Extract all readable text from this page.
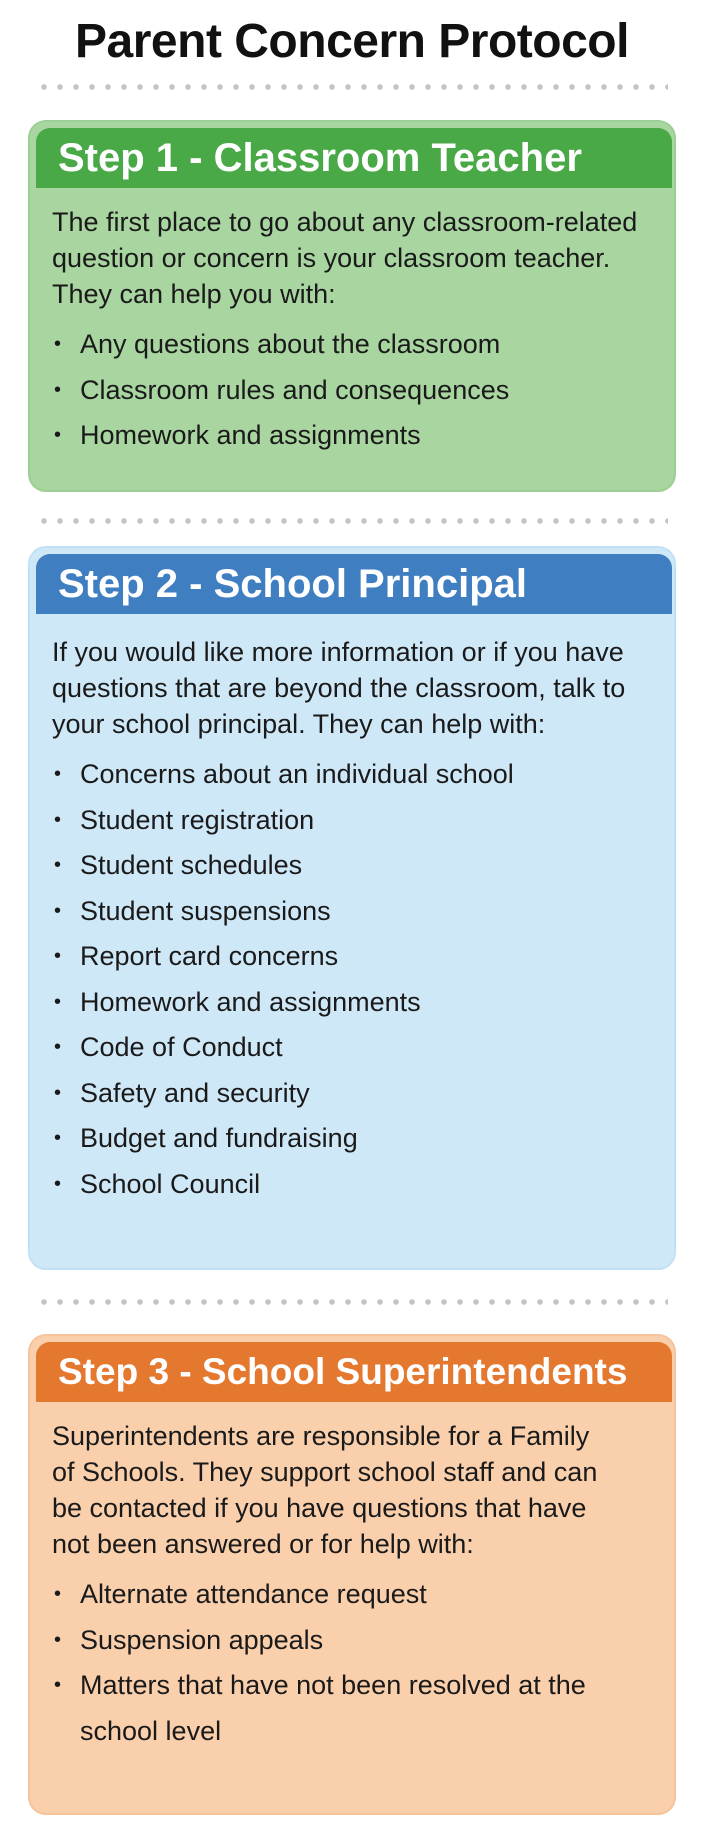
Parent Concern Protocol
Step 1 - Classroom Teacher

The first place to go about any classroom-related question or concern is your classroom teacher. They can help you with:

• Any questions about the classroom
• Classroom rules and consequences
• Homework and assignments
Step 2 - School Principal

If you would like more information or if you have questions that are beyond the classroom, talk to your school principal. They can help with:

• Concerns about an individual school
• Student registration
• Student schedules
• Student suspensions
• Report card concerns
• Homework and assignments
• Code of Conduct
• Safety and security
• Budget and fundraising
• School Council
Step 3 - School Superintendents

Superintendents are responsible for a Family of Schools. They support school staff and can be contacted if you have questions that have not been answered or for help with:

• Alternate attendance request
• Suspension appeals
• Matters that have not been resolved at the school level
